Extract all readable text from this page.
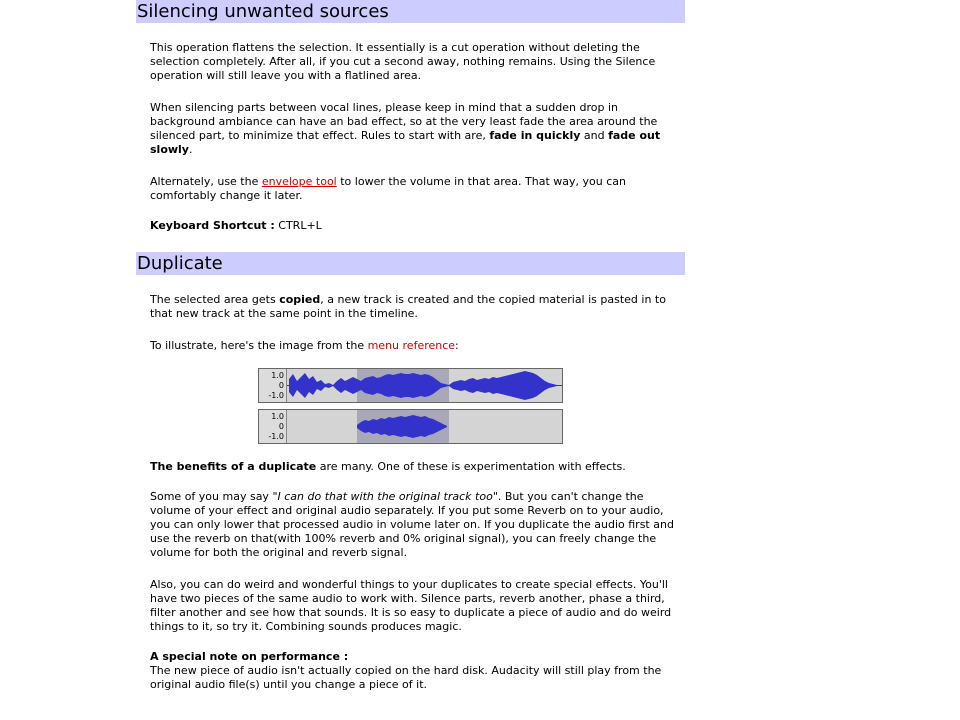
Silencing unwanted sources

This operation flattens the selection. It essentially is a cut operation without deleting the selection completely. After all, if you cut a second away, nothing remains. Using the Silence operation will still leave you with a flatlined area.

When silencing parts between vocal lines, please keep in mind that a sudden drop in background ambiance can have an bad effect, so at the very least fade the area around the silenced part, to minimize that effect. Rules to start with are, fade in quickly and fade out slowly.

Alternately, use the envelope tool to lower the volume in that area. That way, you can comfortably change it later.

Keyboard Shortcut : CTRL+L

Duplicate

The selected area gets copied, a new track is created and the copied material is pasted in to that new track at the same point in the timeline.

To illustrate, here's the image from the menu reference:

1.0
0
-1.0
1.0
0
-1.0

The benefits of a duplicate are many. One of these is experimentation with effects.

Some of you may say "I can do that with the original track too". But you can't change the volume of your effect and original audio separately. If you put some Reverb on to your audio, you can only lower that processed audio in volume later on. If you duplicate the audio first and use the reverb on that(with 100% reverb and 0% original signal), you can freely change the volume for both the original and reverb signal.

Also, you can do weird and wonderful things to your duplicates to create special effects. You'll have two pieces of the same audio to work with. Silence parts, reverb another, phase a third, filter another and see how that sounds. It is so easy to duplicate a piece of audio and do weird things to it, so try it. Combining sounds produces magic.

A special note on performance :
The new piece of audio isn't actually copied on the hard disk. Audacity will still play from the original audio file(s) until you change a piece of it.
